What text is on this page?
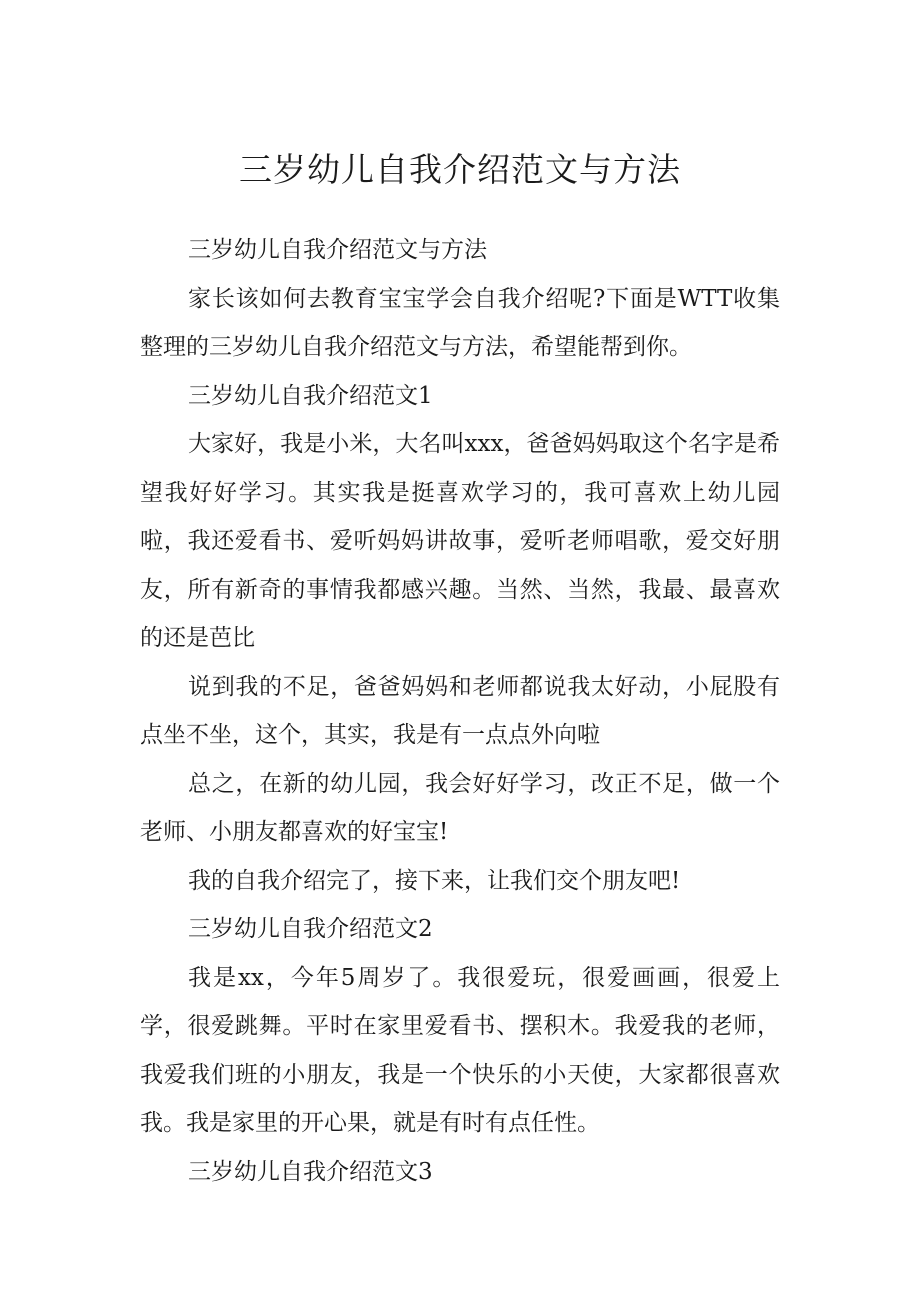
三岁幼儿自我介绍范文与方法

三岁幼儿自我介绍范文与方法

家长该如何去教育宝宝学会自我介绍呢?下面是WTT收集整理的三岁幼儿自我介绍范文与方法，希望能帮到你。

三岁幼儿自我介绍范文1

大家好，我是小米，大名叫xxx，爸爸妈妈取这个名字是希望我好好学习。其实我是挺喜欢学习的，我可喜欢上幼儿园啦，我还爱看书、爱听妈妈讲故事，爱听老师唱歌，爱交好朋友，所有新奇的事情我都感兴趣。当然、当然，我最、最喜欢的还是芭比

说到我的不足，爸爸妈妈和老师都说我太好动，小屁股有点坐不坐，这个，其实，我是有一点点外向啦

总之，在新的幼儿园，我会好好学习，改正不足，做一个老师、小朋友都喜欢的好宝宝!

我的自我介绍完了，接下来，让我们交个朋友吧!

三岁幼儿自我介绍范文2

我是xx，今年5周岁了。我很爱玩，很爱画画，很爱上学，很爱跳舞。平时在家里爱看书、摆积木。我爱我的老师，我爱我们班的小朋友，我是一个快乐的小天使，大家都很喜欢我。我是家里的开心果，就是有时有点任性。

三岁幼儿自我介绍范文3
